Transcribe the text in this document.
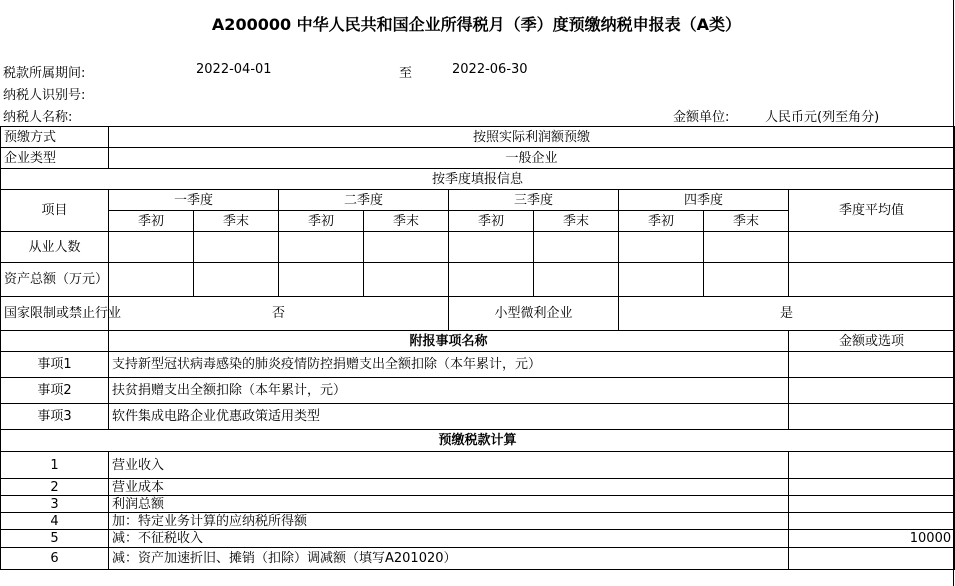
A200000 中华人民共和国企业所得税月（季）度预缴纳税申报表（A类）
税款所属期间:	2022-04-01	至	2022-06-30
纳税人识别号:
纳税人名称:	金额单位:	人民币元(列至角分)
预缴方式	按照实际利润额预缴								
企业类型	一般企业								
按季度填报信息									
项目	一季度		二季度		三季度		四季度		季度平均值
	季初	季末	季初	季末	季初	季末	季初	季末	
从业人数									
资产总额（万元）									
国家限制或禁止行业	否				小型微利企业		是		
	附报事项名称								金额或选项
事项1	支持新型冠状病毒感染的肺炎疫情防控捐赠支出全额扣除（本年累计，元）								
事项2	扶贫捐赠支出全额扣除（本年累计，元）								
事项3	软件集成电路企业优惠政策适用类型								
预缴税款计算									
1	营业收入								
2	营业成本								
3	利润总额								
4	加：特定业务计算的应纳税所得额								
5	减：不征税收入								10000
6	减：资产加速折旧、摊销（扣除）调减额（填写A201020）								
